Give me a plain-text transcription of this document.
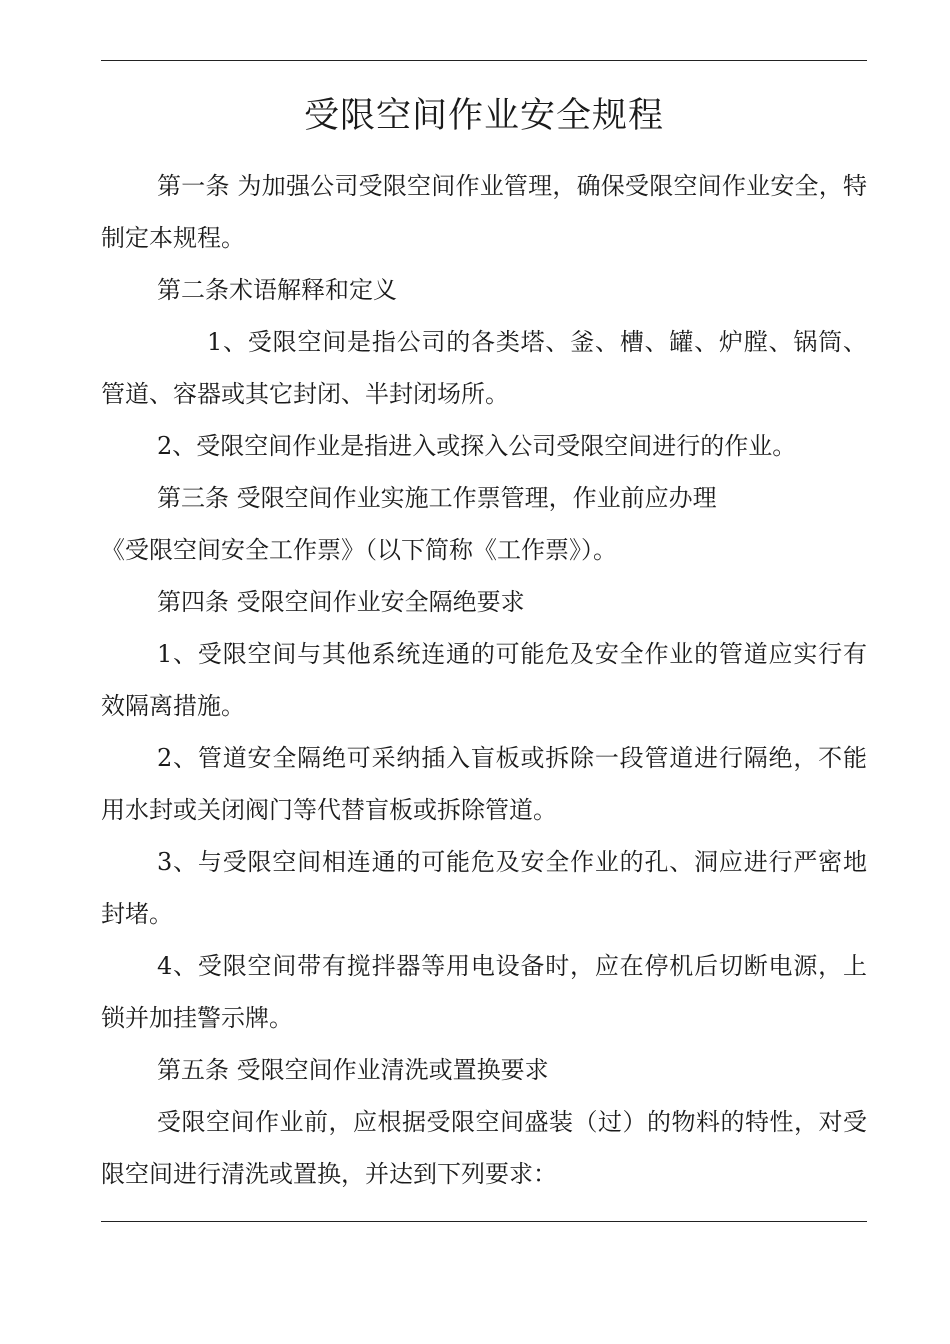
受限空间作业安全规程

第一条 为加强公司受限空间作业管理，确保受限空间作业安全，特制定本规程。

第二条术语解释和定义

1、受限空间是指公司的各类塔、釜、槽、罐、炉膛、锅筒、管道、容器或其它封闭、半封闭场所。

2、受限空间作业是指进入或探入公司受限空间进行的作业。

第三条 受限空间作业实施工作票管理，作业前应办理

《受限空间安全工作票》（以下简称《工作票》）。

第四条 受限空间作业安全隔绝要求

1、受限空间与其他系统连通的可能危及安全作业的管道应实行有效隔离措施。

2、管道安全隔绝可采纳插入盲板或拆除一段管道进行隔绝，不能用水封或关闭阀门等代替盲板或拆除管道。

3、与受限空间相连通的可能危及安全作业的孔、洞应进行严密地封堵。

4、受限空间带有搅拌器等用电设备时，应在停机后切断电源，上锁并加挂警示牌。

第五条 受限空间作业清洗或置换要求

受限空间作业前，应根据受限空间盛装（过）的物料的特性，对受限空间进行清洗或置换，并达到下列要求：
